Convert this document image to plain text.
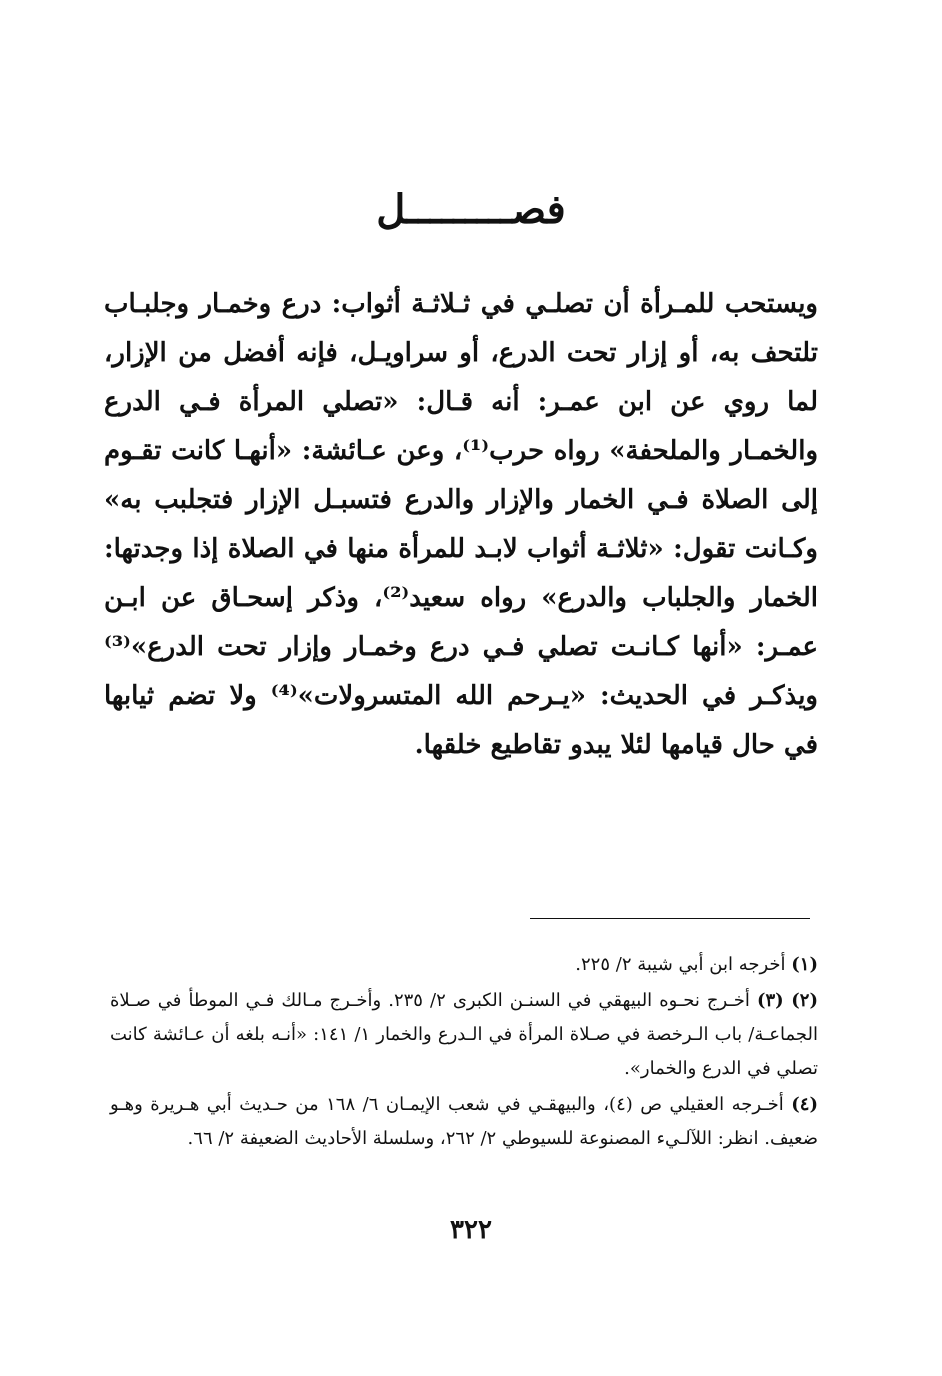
فصـــــــــل

ويستحب للمـرأة أن تصلـي في ثـلاثـة أثواب: درع وخمـار وجلبـاب تلتحف به، أو إزار تحت الدرع، أو سراويـل، فإنه أفضل من الإزار، لما روي عن ابن عمـر: أنه قـال: «تصلي المرأة فـي الدرع والخمـار والملحفة» رواه حرب⁽¹⁾، وعن عـائشة: «أنهـا كانت تقـوم إلى الصلاة فـي الخمار والإزار والدرع فتسبـل الإزار فتجلبب به» وكـانت تقول: «ثلاثـة أثواب لابـد للمرأة منها في الصلاة إذا وجدتها: الخمار والجلباب والدرع» رواه سعيد⁽²⁾، وذكر إسحـاق عن ابـن عمـر: «أنها كـانـت تصلي فـي درع وخمـار وإزار تحت الدرع»⁽³⁾ ويذكـر في الحديث: «يـرحم الله المتسرولات»⁽⁴⁾ ولا تضم ثيابها في حال قيامها لئلا يبدو تقاطيع خلقها.

(١) أخرجه ابن أبي شيبة ٢/ ٢٢٥.

(٢) (٣) أخـرج نحـوه البيهقي في السنـن الكبرى ٢/ ٢٣٥. وأخـرج مـالك فـي الموطأ في صـلاة الجماعـة/ باب الـرخصة في صـلاة المرأة في الـدرع والخمار ١/ ١٤١: «أنـه بلغه أن عـائشة كانت تصلي في الدرع والخمار».

(٤) أخـرجه العقيلي ص (٤)، والبيهقـي في شعب الإيمـان ٦/ ١٦٨ من حـديث أبي هـريرة وهـو ضعيف. انظر: اللآلـيء المصنوعة للسيوطي ٢/ ٢٦٢، وسلسلة الأحاديث الضعيفة ٢/ ٦٦.

٣٢٢
